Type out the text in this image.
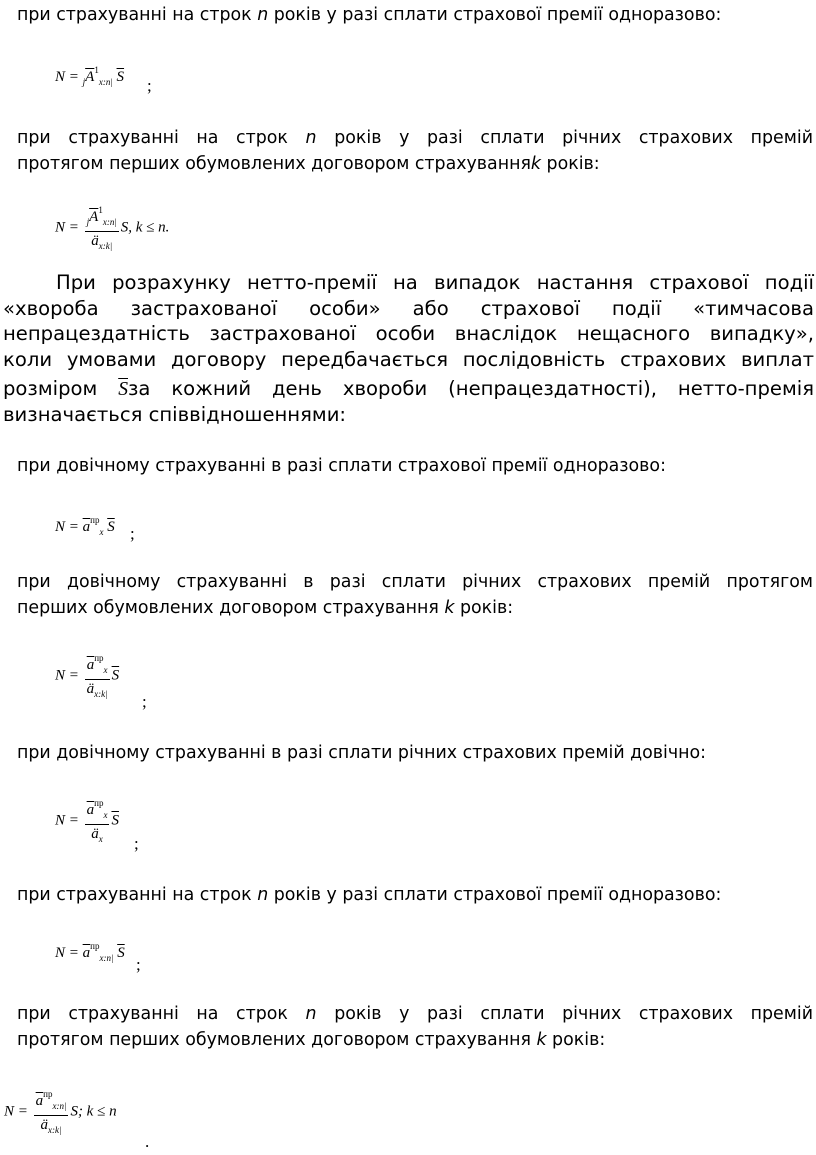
при страхуванні на строк n років у разі сплати страхової премії одноразово:
$N = _j\overline{A}^1_{x:n|}$ $\overline{S}$ ;
при страхуванні на строк n років у разі сплати річних страхових премій
протягом перших обумовлених договором страхуванняk років:
$N = \frac{_j\overline{A}^1_{x:n|}}{ä_{x:k|}} S$, k ≤ n.
При розрахунку нетто-премії на випадок настання страхової події
«хвороба застрахованої особи» або страхової події «тимчасова
непрацездатність застрахованої особи внаслідок нещасного випадку»,
коли умовами договору передбачається послідовність страхових виплат
розміром $\overline{S}за$ кожний день хвороби (непрацездатності), нетто-премія
визначається співвідношеннями:
при довічному страхуванні в разі сплати страхової премії одноразово:
$N = \overline{a}^{пр}_x$ $\overline{S}$ ;
при довічному страхуванні в разі сплати річних страхових премій протягом
перших обумовлених договором страхування k років:
$N = \frac{\overline{a}^{пр}_x}{ä_{x:k|}} \overline{S}$
;
при довічному страхуванні в разі сплати річних страхових премій довічно:
$N = \frac{\overline{a}^{пр}_x}{ä_x} \overline{S}$
;
при страхуванні на строк n років у разі сплати страхової премії одноразово:
$N = \overline{a}^{пр}_{x:n|}$ $\overline{S}$
;
при страхуванні на строк n років у разі сплати річних страхових премій
протягом перших обумовлених договором страхування k років:
$N = \frac{\overline{a}^{пр}_{x:n|}}{ä_{x:k|}} S$; k ≤ n
.
